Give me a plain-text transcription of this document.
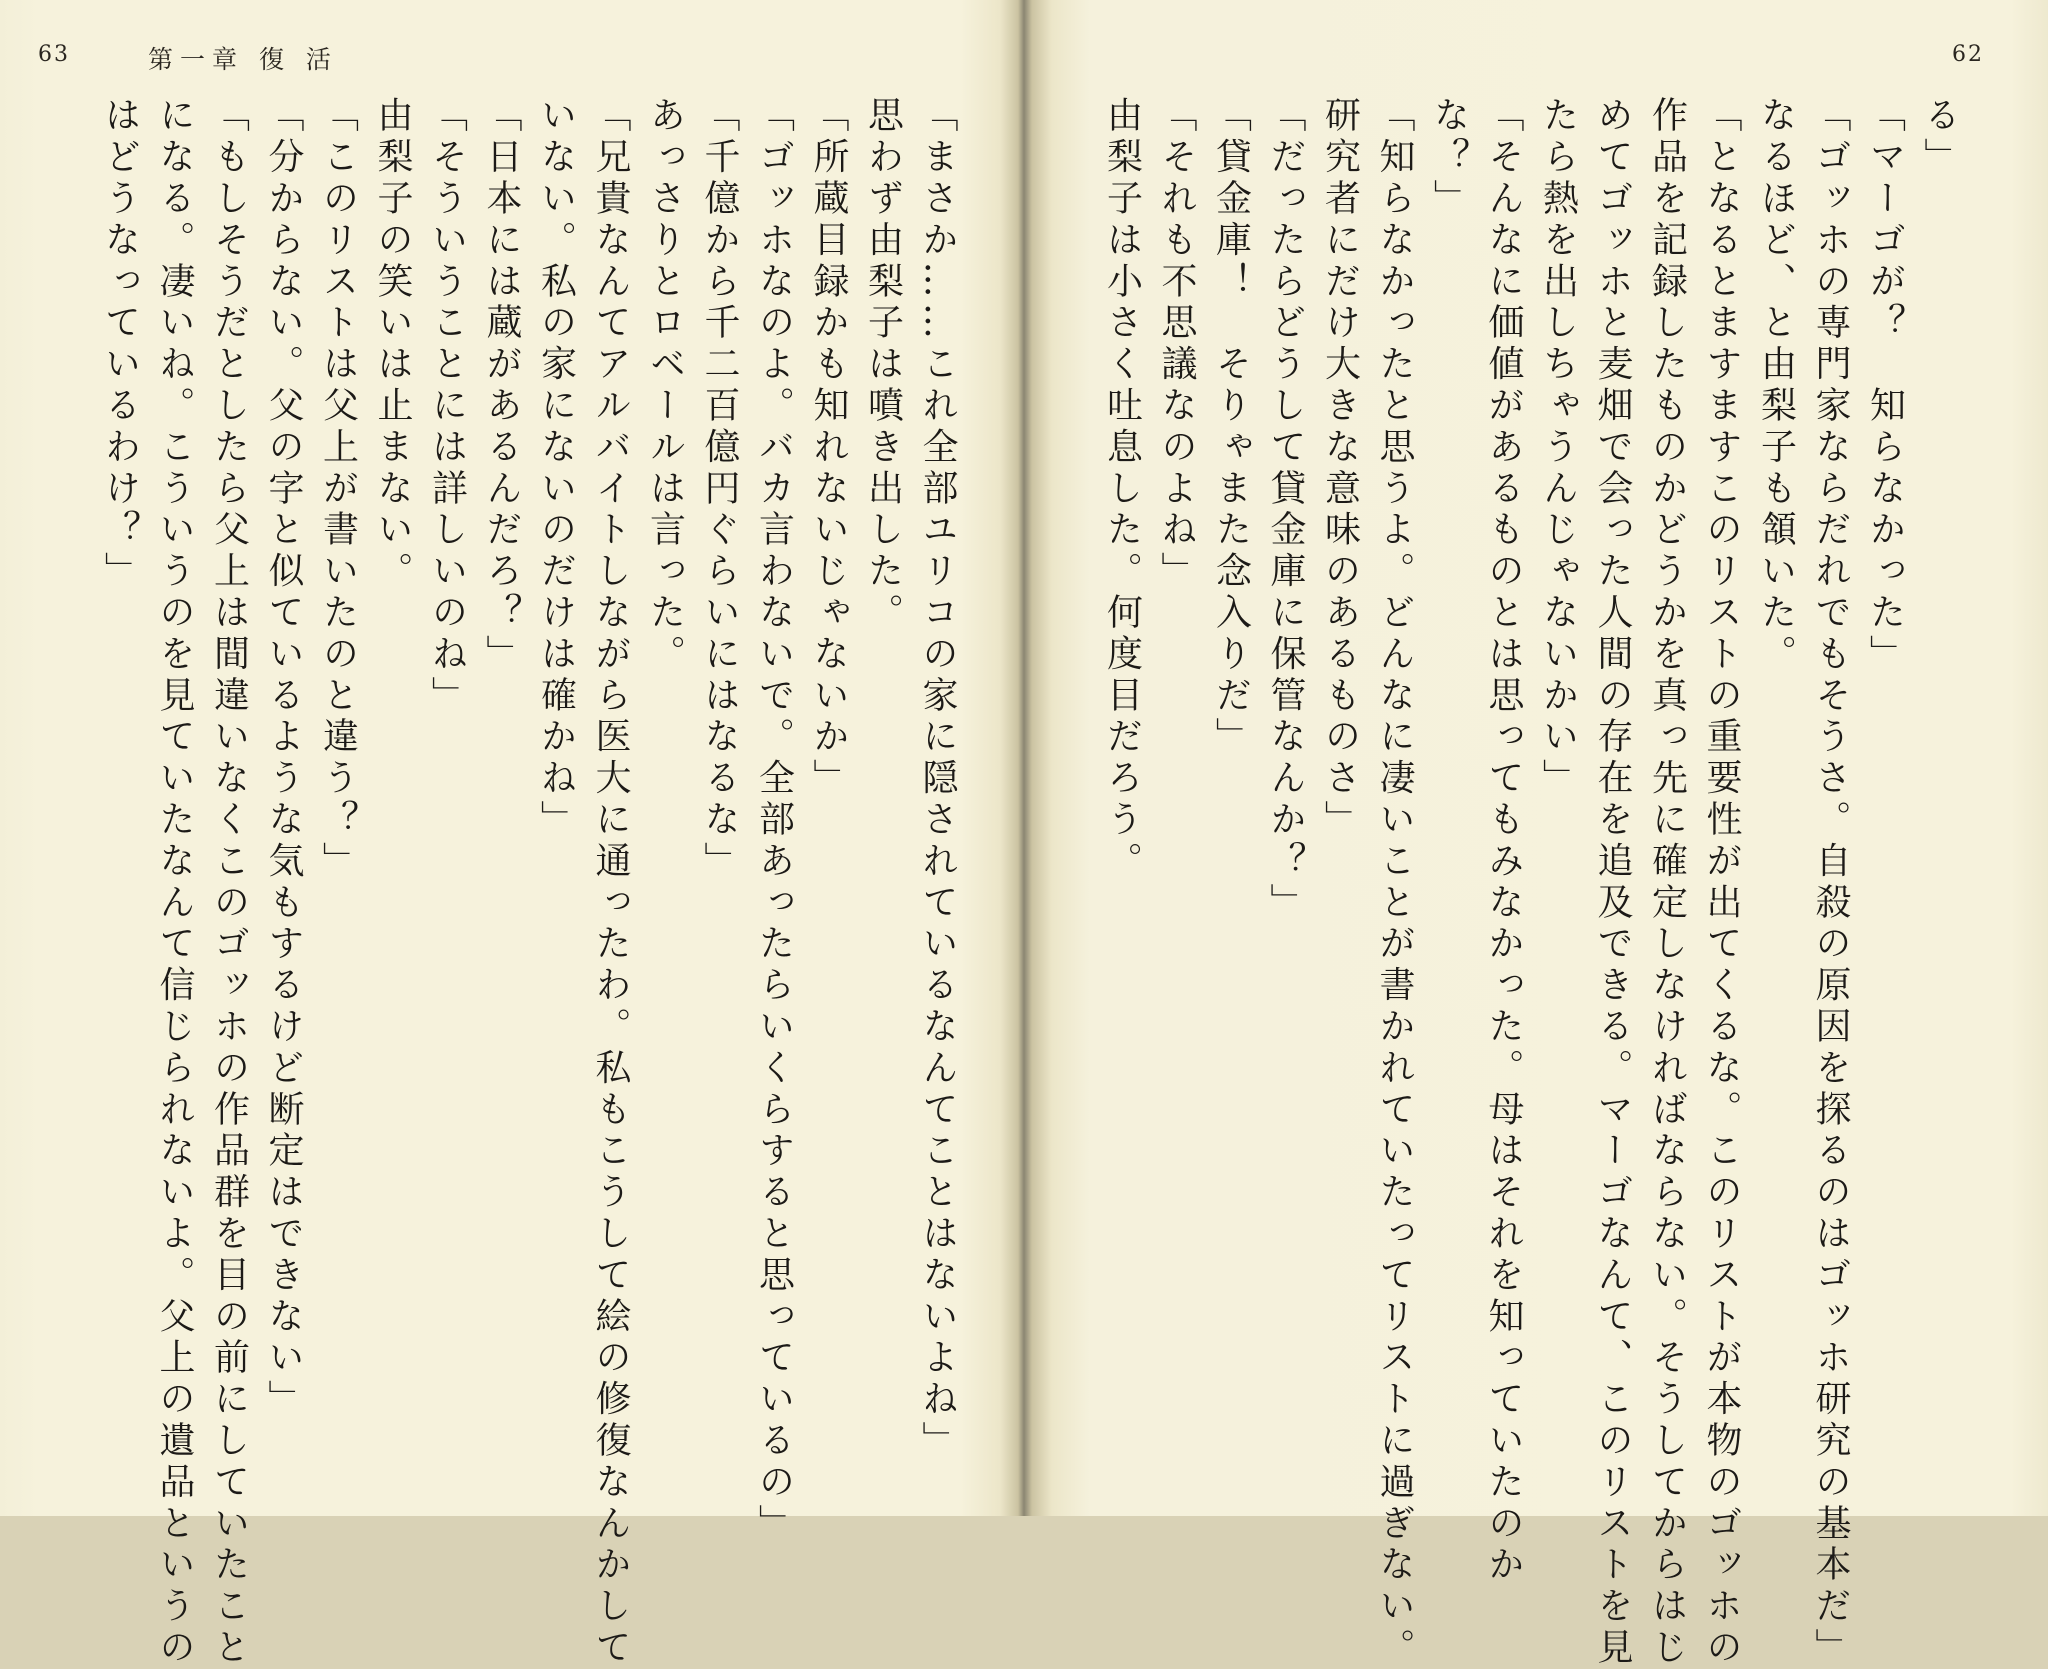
63	第一章 復 活
「まさか……これ全部ユリコの家に隠されているなんてことはないよね」
思わず由梨子は噴き出した。
「所蔵目録かも知れないじゃないか」
「ゴッホなのよ。バカ言わないで。全部あったらいくらすると思っているの」
「千億から千二百億円ぐらいにはなるな」
あっさりとロベールは言った。
「兄貴なんてアルバイトしながら医大に通ったわ。私もこうして絵の修復なんかして
いない。私の家にないのだけは確かね」
「日本には蔵があるんだろ？」
「そういうことには詳しいのね」
由梨子の笑いは止まない。
「このリストは父上が書いたのと違う？」
「分からない。父の字と似ているような気もするけど断定はできない」
「もしそうだとしたら父上は間違いなくこのゴッホの作品群を目の前にしていたこと
になる。凄いね。こういうのを見ていたなんて信じられないよ。父上の遺品というの
はどうなっているわけ？」
62
る」
「マーゴが？　知らなかった」
「ゴッホの専門家ならだれでもそうさ。自殺の原因を探るのはゴッホ研究の基本だ」
なるほど、と由梨子も頷いた。
「となるとますますこのリストの重要性が出てくるな。このリストが本物のゴッホの
作品を記録したものかどうかを真っ先に確定しなければならない。そうしてからはじ
めてゴッホと麦畑で会った人間の存在を追及できる。マーゴなんて、このリストを見
たら熱を出しちゃうんじゃないかい」
「そんなに価値があるものとは思ってもみなかった。母はそれを知っていたのか
な？」
「知らなかったと思うよ。どんなに凄いことが書かれていたってリストに過ぎない。
研究者にだけ大きな意味のあるものさ」
「だったらどうして貸金庫に保管なんか？」
「貸金庫！　そりゃまた念入りだ」
「それも不思議なのよね」
由梨子は小さく吐息した。何度目だろう。
